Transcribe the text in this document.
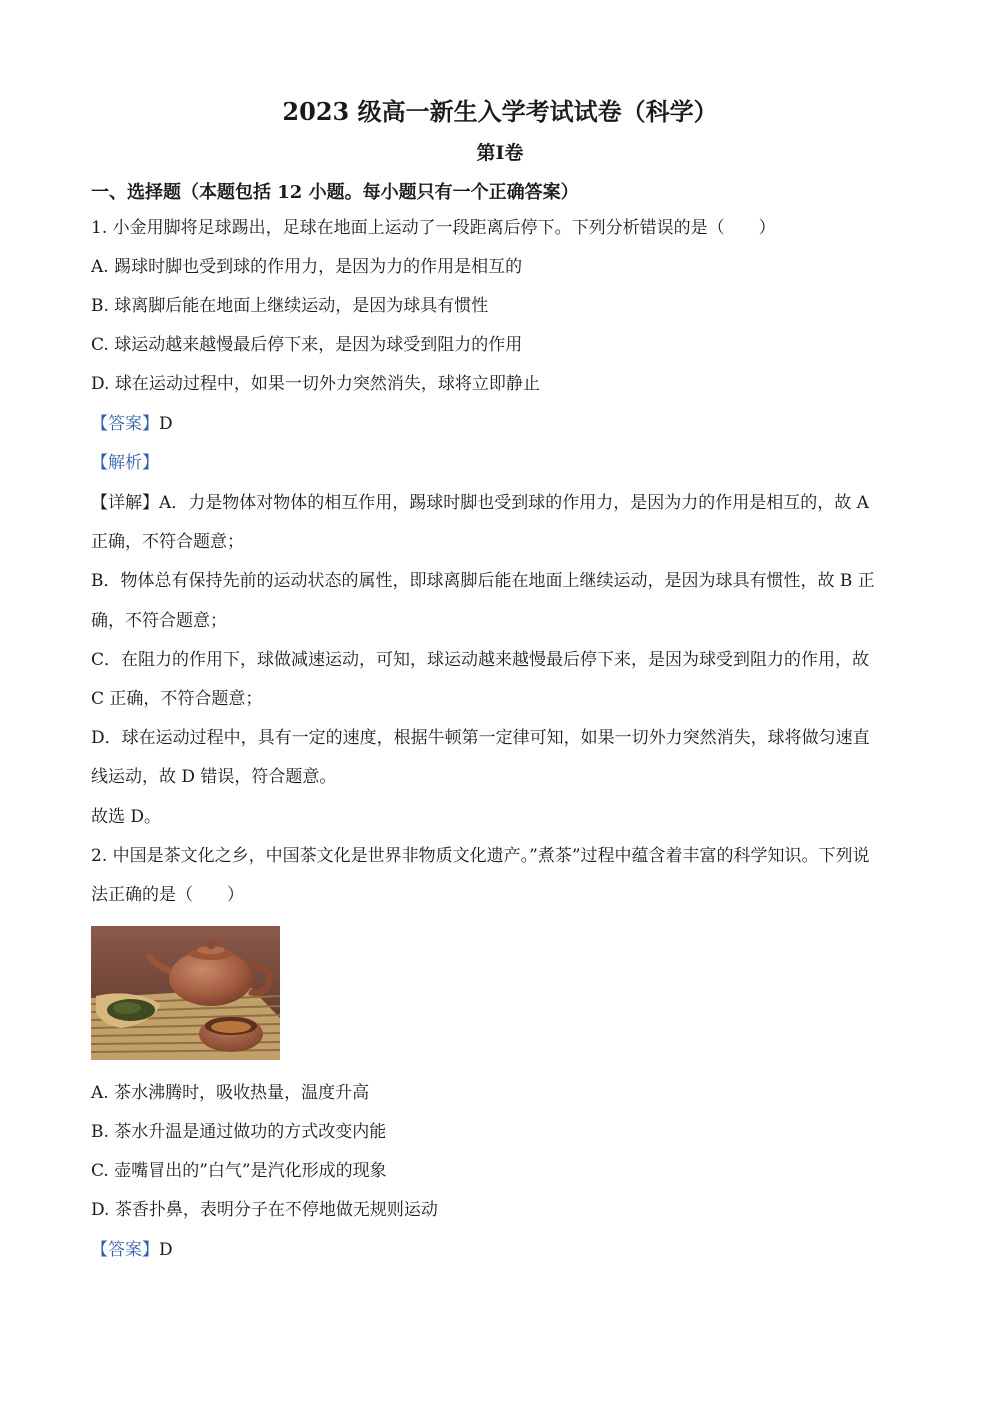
2023 级高一新生入学考试试卷（科学）
第Ⅰ卷
一、选择题（本题包括 12 小题。每小题只有一个正确答案）
1. 小金用脚将足球踢出，足球在地面上运动了一段距离后停下。下列分析错误的是（　　）
A. 踢球时脚也受到球的作用力，是因为力的作用是相互的
B. 球离脚后能在地面上继续运动，是因为球具有惯性
C. 球运动越来越慢最后停下来，是因为球受到阻力的作用
D. 球在运动过程中，如果一切外力突然消失，球将立即静止
【答案】D
【解析】
【详解】A．力是物体对物体的相互作用，踢球时脚也受到球的作用力，是因为力的作用是相互的，故 A
正确，不符合题意；
B．物体总有保持先前的运动状态的属性，即球离脚后能在地面上继续运动，是因为球具有惯性，故 B 正
确，不符合题意；
C．在阻力的作用下，球做减速运动，可知，球运动越来越慢最后停下来，是因为球受到阻力的作用，故
C 正确，不符合题意；
D．球在运动过程中，具有一定的速度，根据牛顿第一定律可知，如果一切外力突然消失，球将做匀速直
线运动，故 D 错误，符合题意。
故选 D。
2. 中国是茶文化之乡，中国茶文化是世界非物质文化遗产。”煮茶”过程中蕴含着丰富的科学知识。下列说
法正确的是（　　）
A. 茶水沸腾时，吸收热量，温度升高
B. 茶水升温是通过做功的方式改变内能
C. 壶嘴冒出的”白气”是汽化形成的现象
D. 茶香扑鼻，表明分子在不停地做无规则运动
【答案】D
